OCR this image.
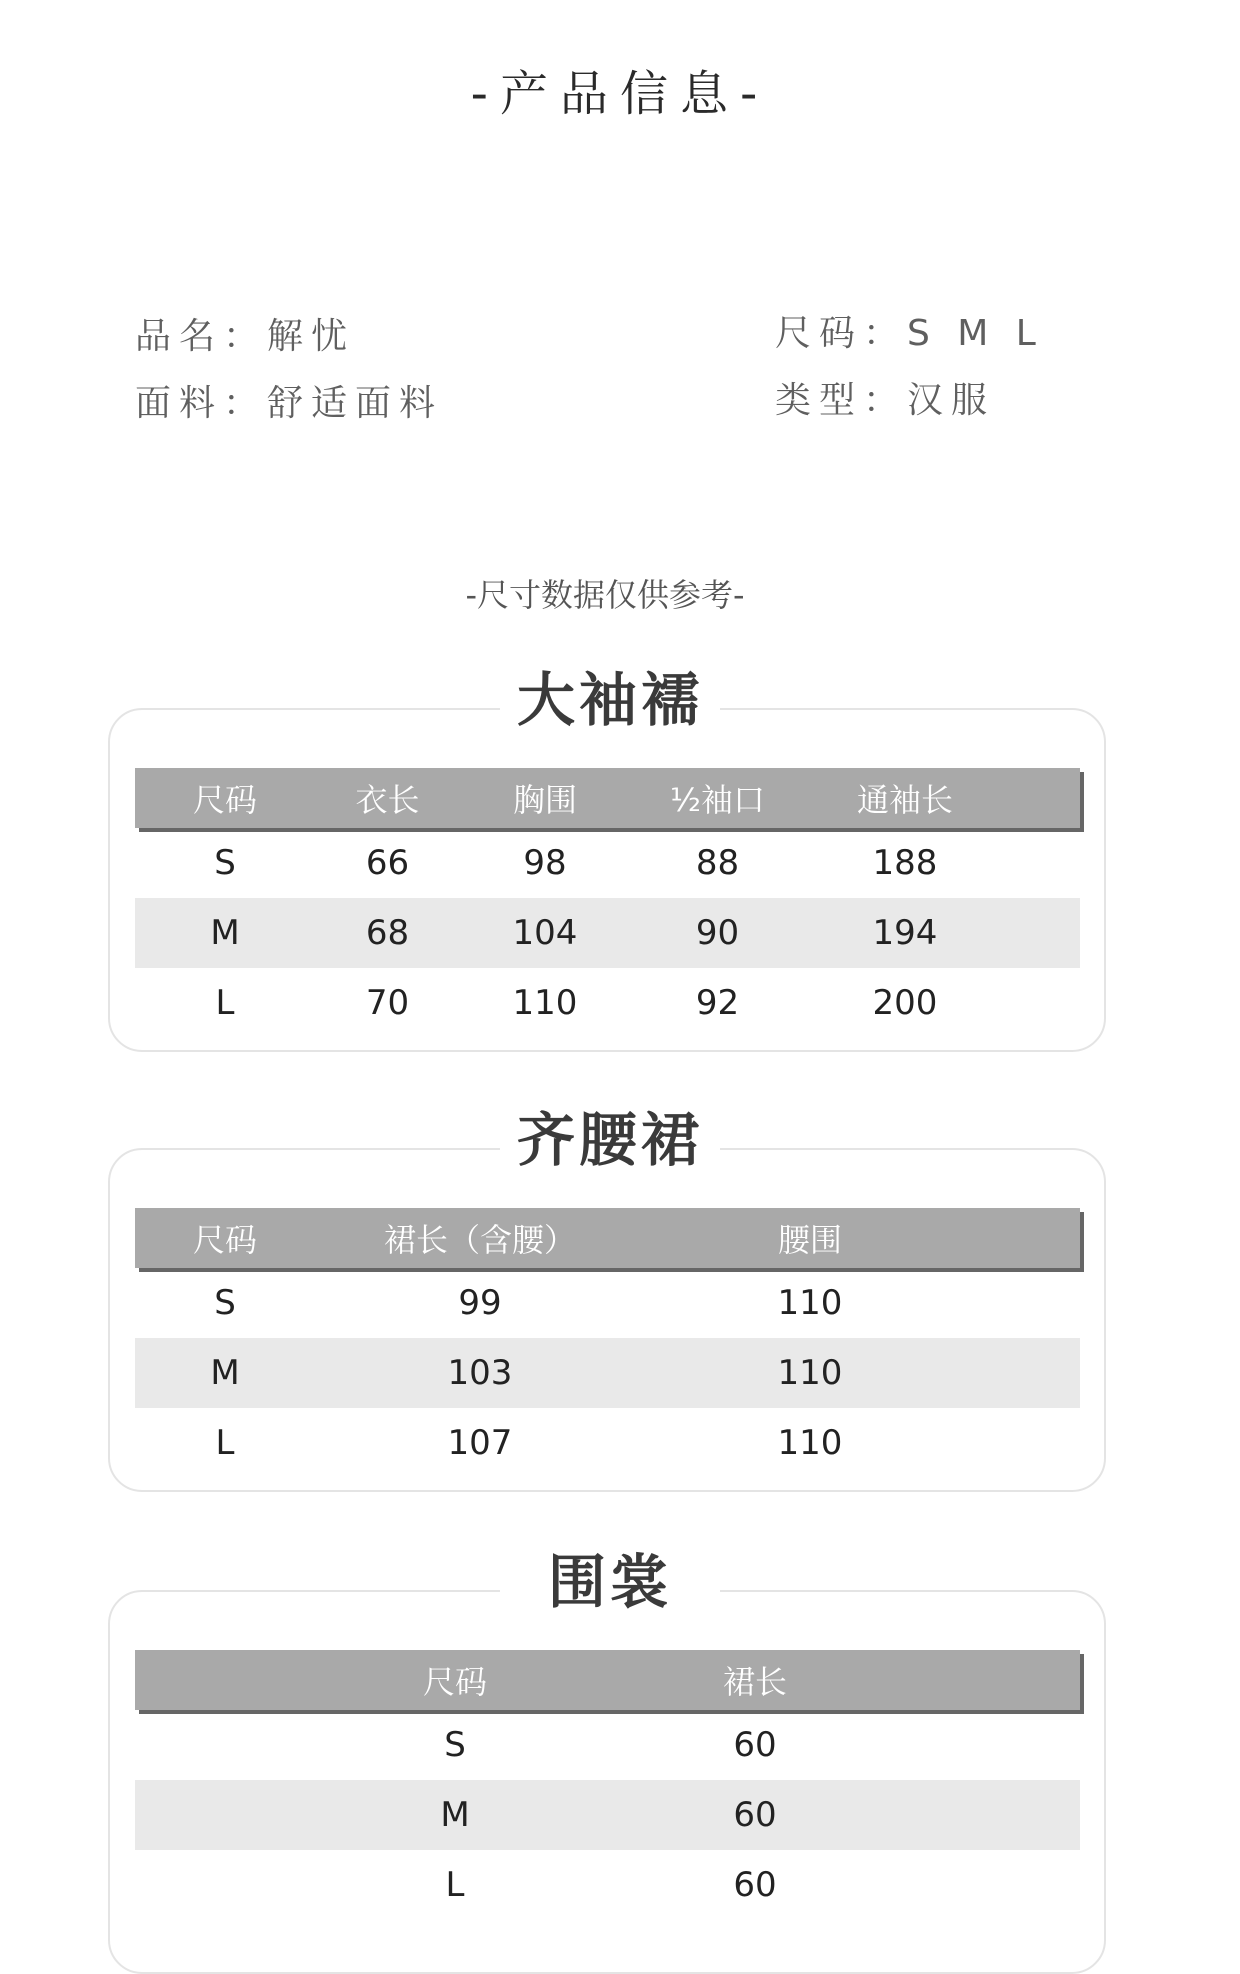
-产品信息-
品名：解忧	尺码：S M L
面料：舒适面料	类型：汉服
-尺寸数据仅供参考-
尺码	衣长	胸围	½袖口	通袖长
S	66	98	88	188
M	68	104	90	194
L	70	110	92	200
大袖襦
尺码	裙长（含腰）	腰围
S	99	110
M	103	110
L	107	110
齐腰裙
尺码	裙长
S	60
M	60
L	60
围裳
